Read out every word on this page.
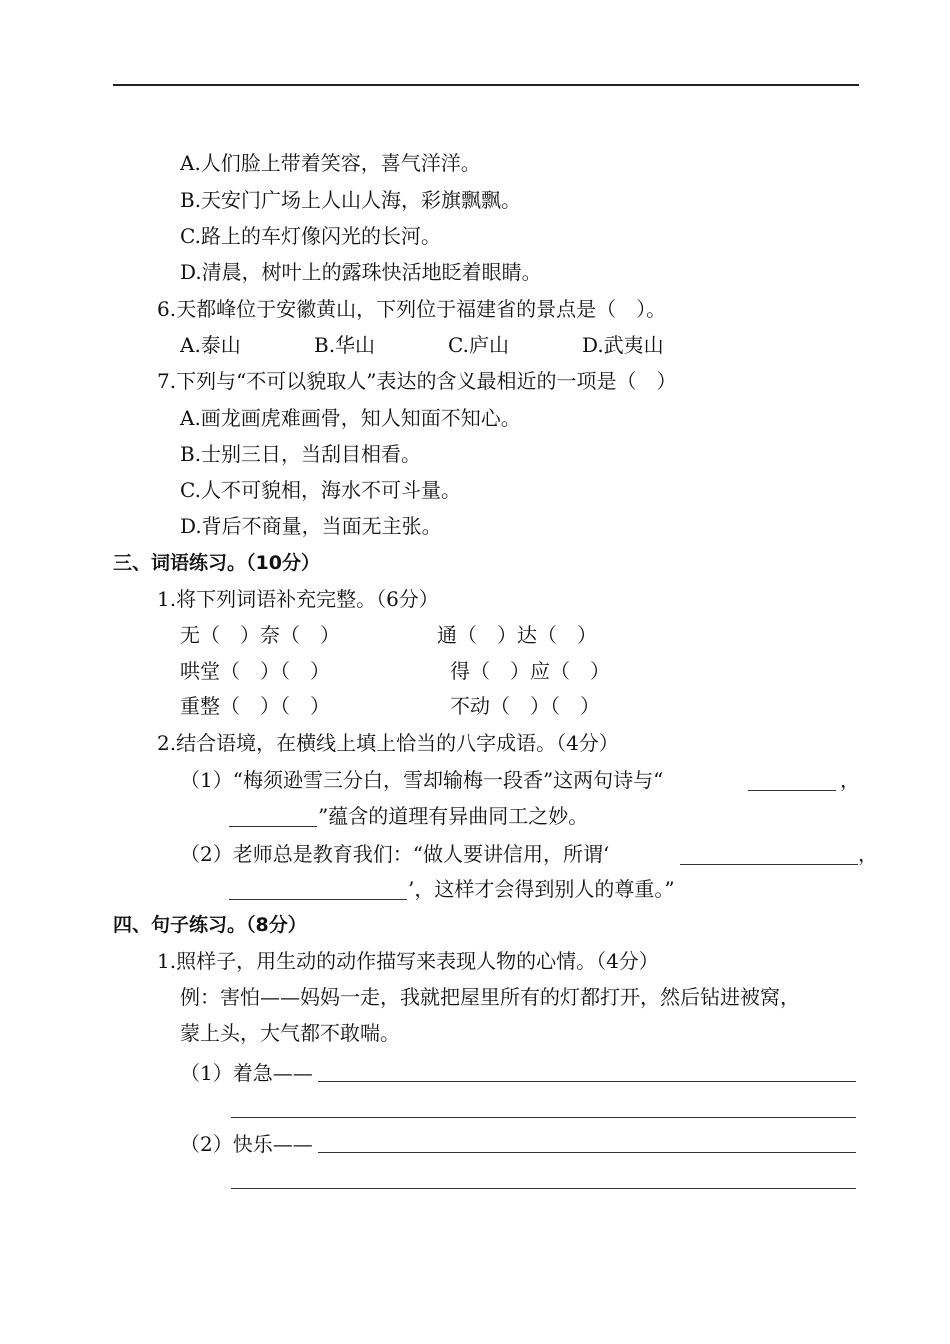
A.人们脸上带着笑容，喜气洋洋。
B.天安门广场上人山人海，彩旗飘飘。
C.路上的车灯像闪光的长河。
D.清晨，树叶上的露珠快活地眨着眼睛。
6.天都峰位于安徽黄山，下列位于福建省的景点是（　）。
A.泰山	B.华山	C.庐山	D.武夷山
7.下列与“不可以貌取人”表达的含义最相近的一项是（　）
A.画龙画虎难画骨，知人知面不知心。
B.士别三日，当刮目相看。
C.人不可貌相，海水不可斗量。
D.背后不商量，当面无主张。
三、词语练习。（10分）
1.将下列词语补充完整。（6分）
无（　）奈（　）	通（　）达（　）
哄堂（　）（　）	得（　）应（　）
重整（　）（　）	不动（　）（　）
2.结合语境，在横线上填上恰当的八字成语。（4分）
（1）“梅须逊雪三分白，雪却输梅一段香”这两句诗与“	，
”蕴含的道理有异曲同工之妙。
（2）老师总是教育我们：“做人要讲信用，所谓‘	，
’，这样才会得到别人的尊重。”
四、句子练习。（8分）
1.照样子，用生动的动作描写来表现人物的心情。（4分）
例：害怕——妈妈一走，我就把屋里所有的灯都打开，然后钻进被窝，
蒙上头，大气都不敢喘。
（1）着急——
（2）快乐——
